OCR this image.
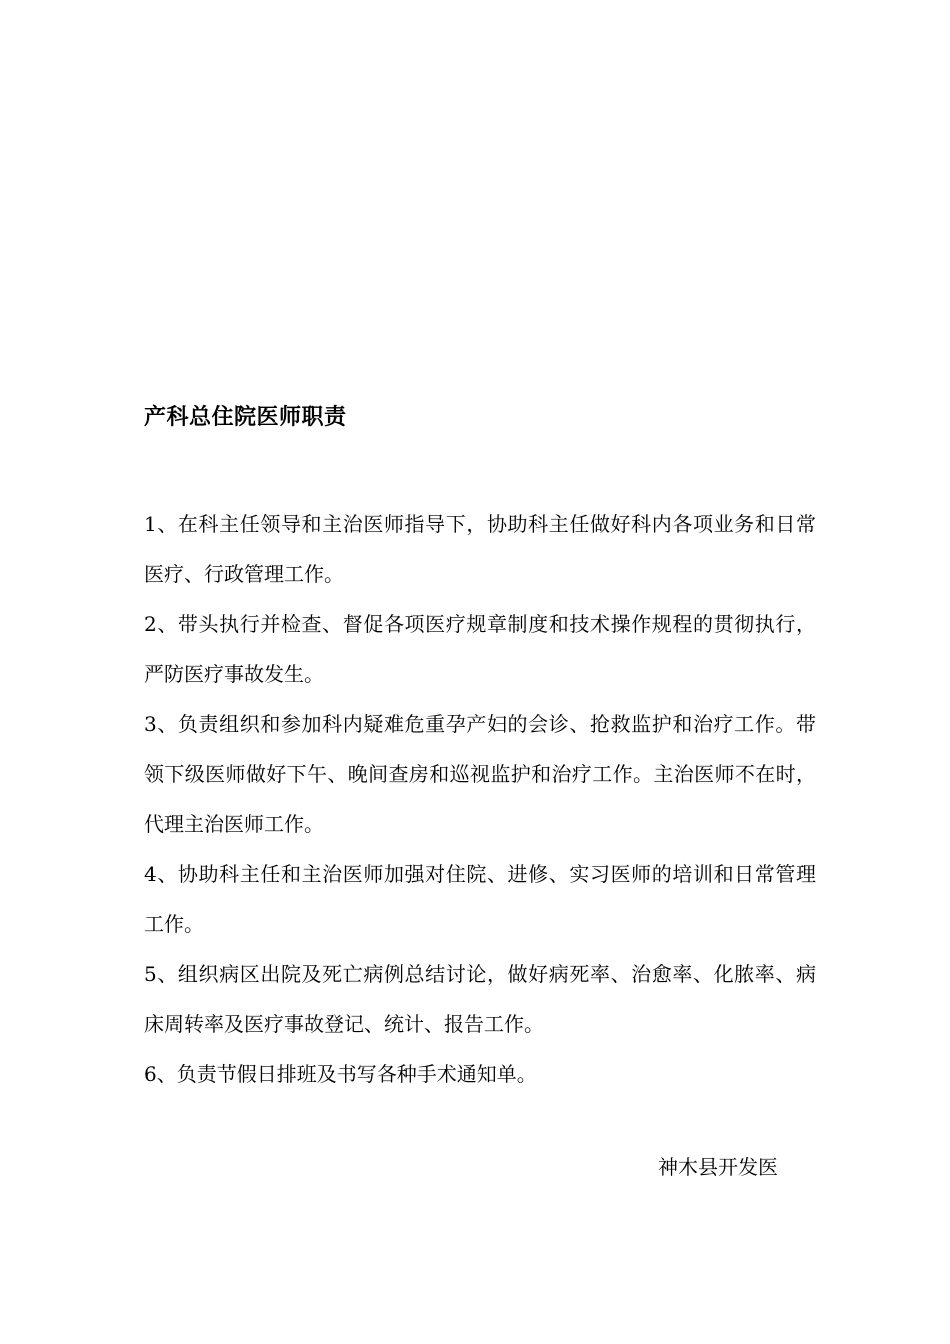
产科总住院医师职责

1、在科主任领导和主治医师指导下，协助科主任做好科内各项业务和日常医疗、行政管理工作。

2、带头执行并检查、督促各项医疗规章制度和技术操作规程的贯彻执行，严防医疗事故发生。

3、负责组织和参加科内疑难危重孕产妇的会诊、抢救监护和治疗工作。带领下级医师做好下午、晚间查房和巡视监护和治疗工作。主治医师不在时，代理主治医师工作。

4、协助科主任和主治医师加强对住院、进修、实习医师的培训和日常管理工作。

5、组织病区出院及死亡病例总结讨论，做好病死率、治愈率、化脓率、病床周转率及医疗事故登记、统计、报告工作。

6、负责节假日排班及书写各种手术通知单。

神木县开发医
